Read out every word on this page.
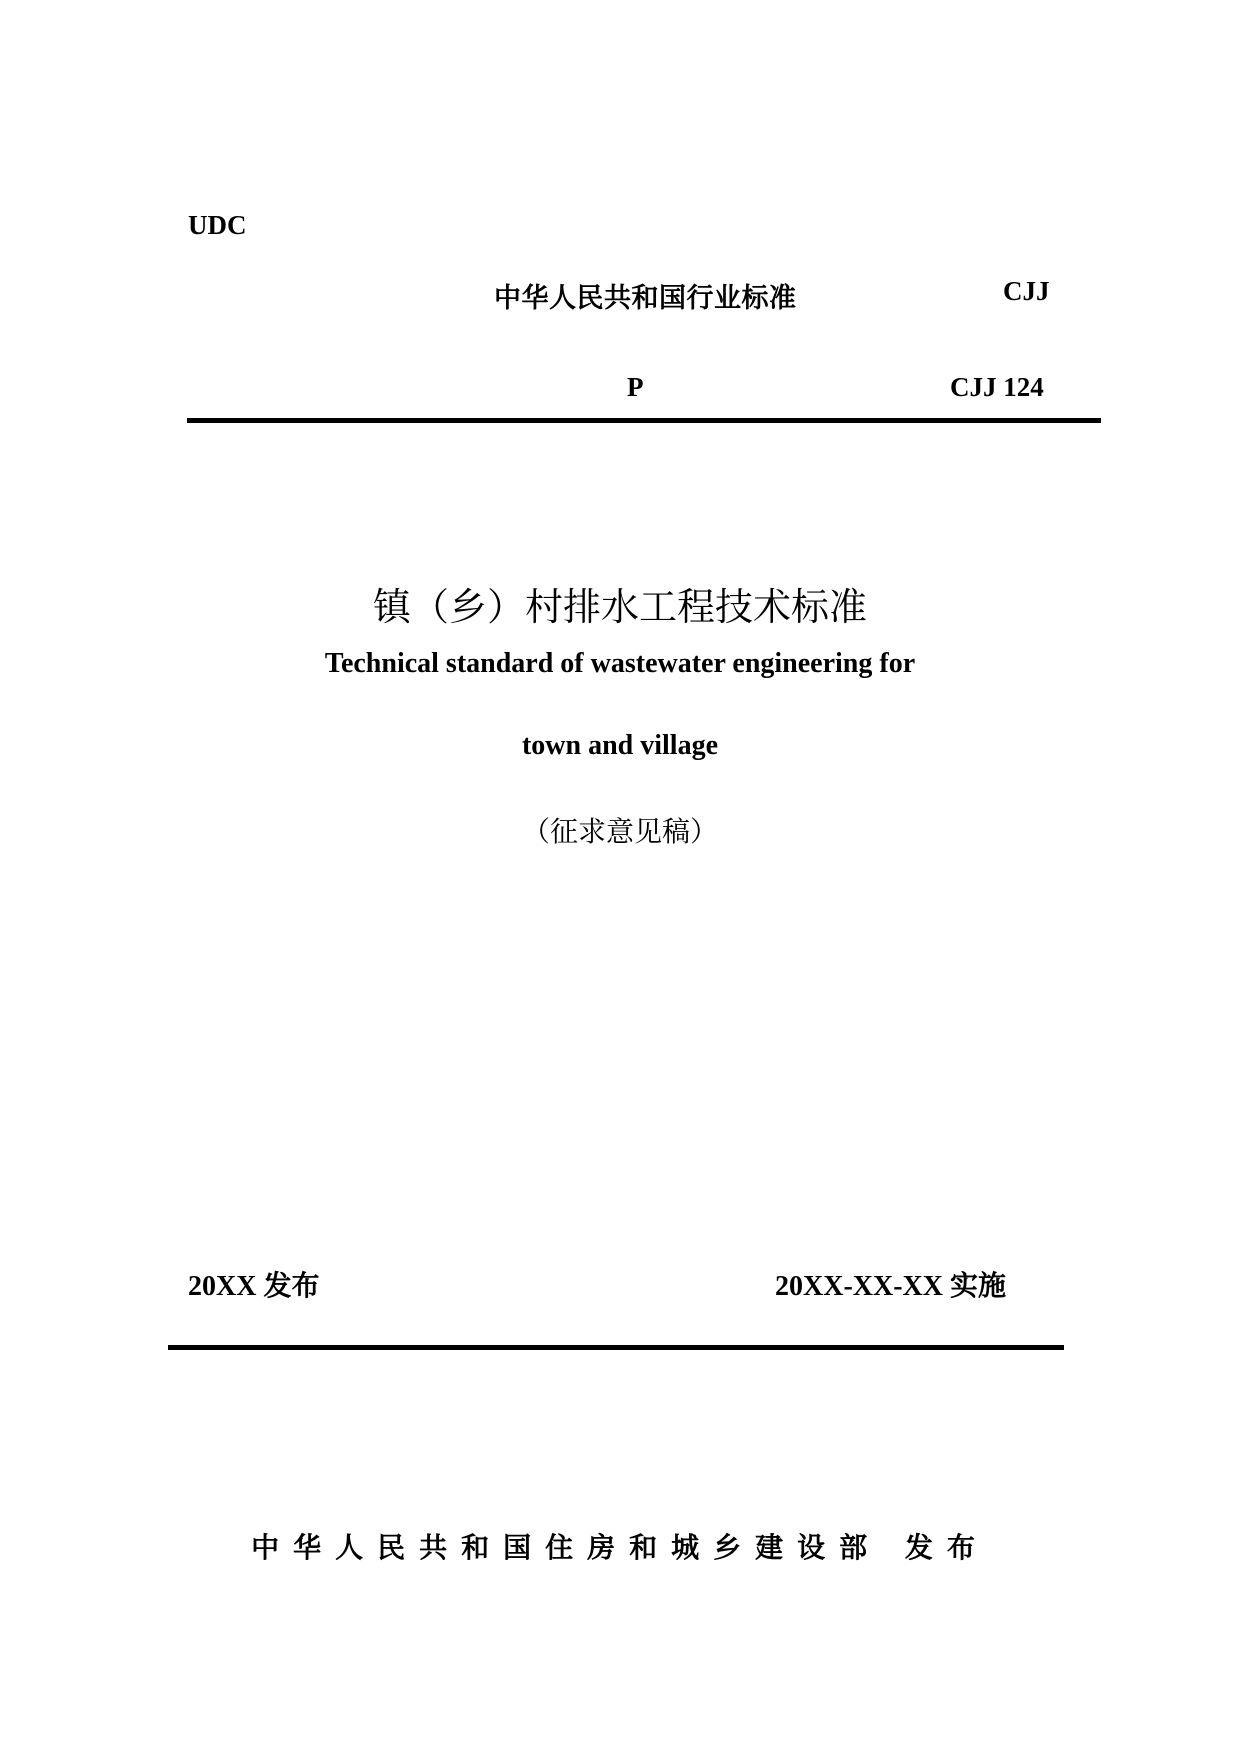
UDC
中华人民共和国行业标准	CJJ
P	CJJ 124
镇（乡）村排水工程技术标准
Technical standard of wastewater engineering for
town and village
（征求意见稿）
20XX 发布	20XX-XX-XX 实施
中华人民共和国住房和城乡建设部 发布
